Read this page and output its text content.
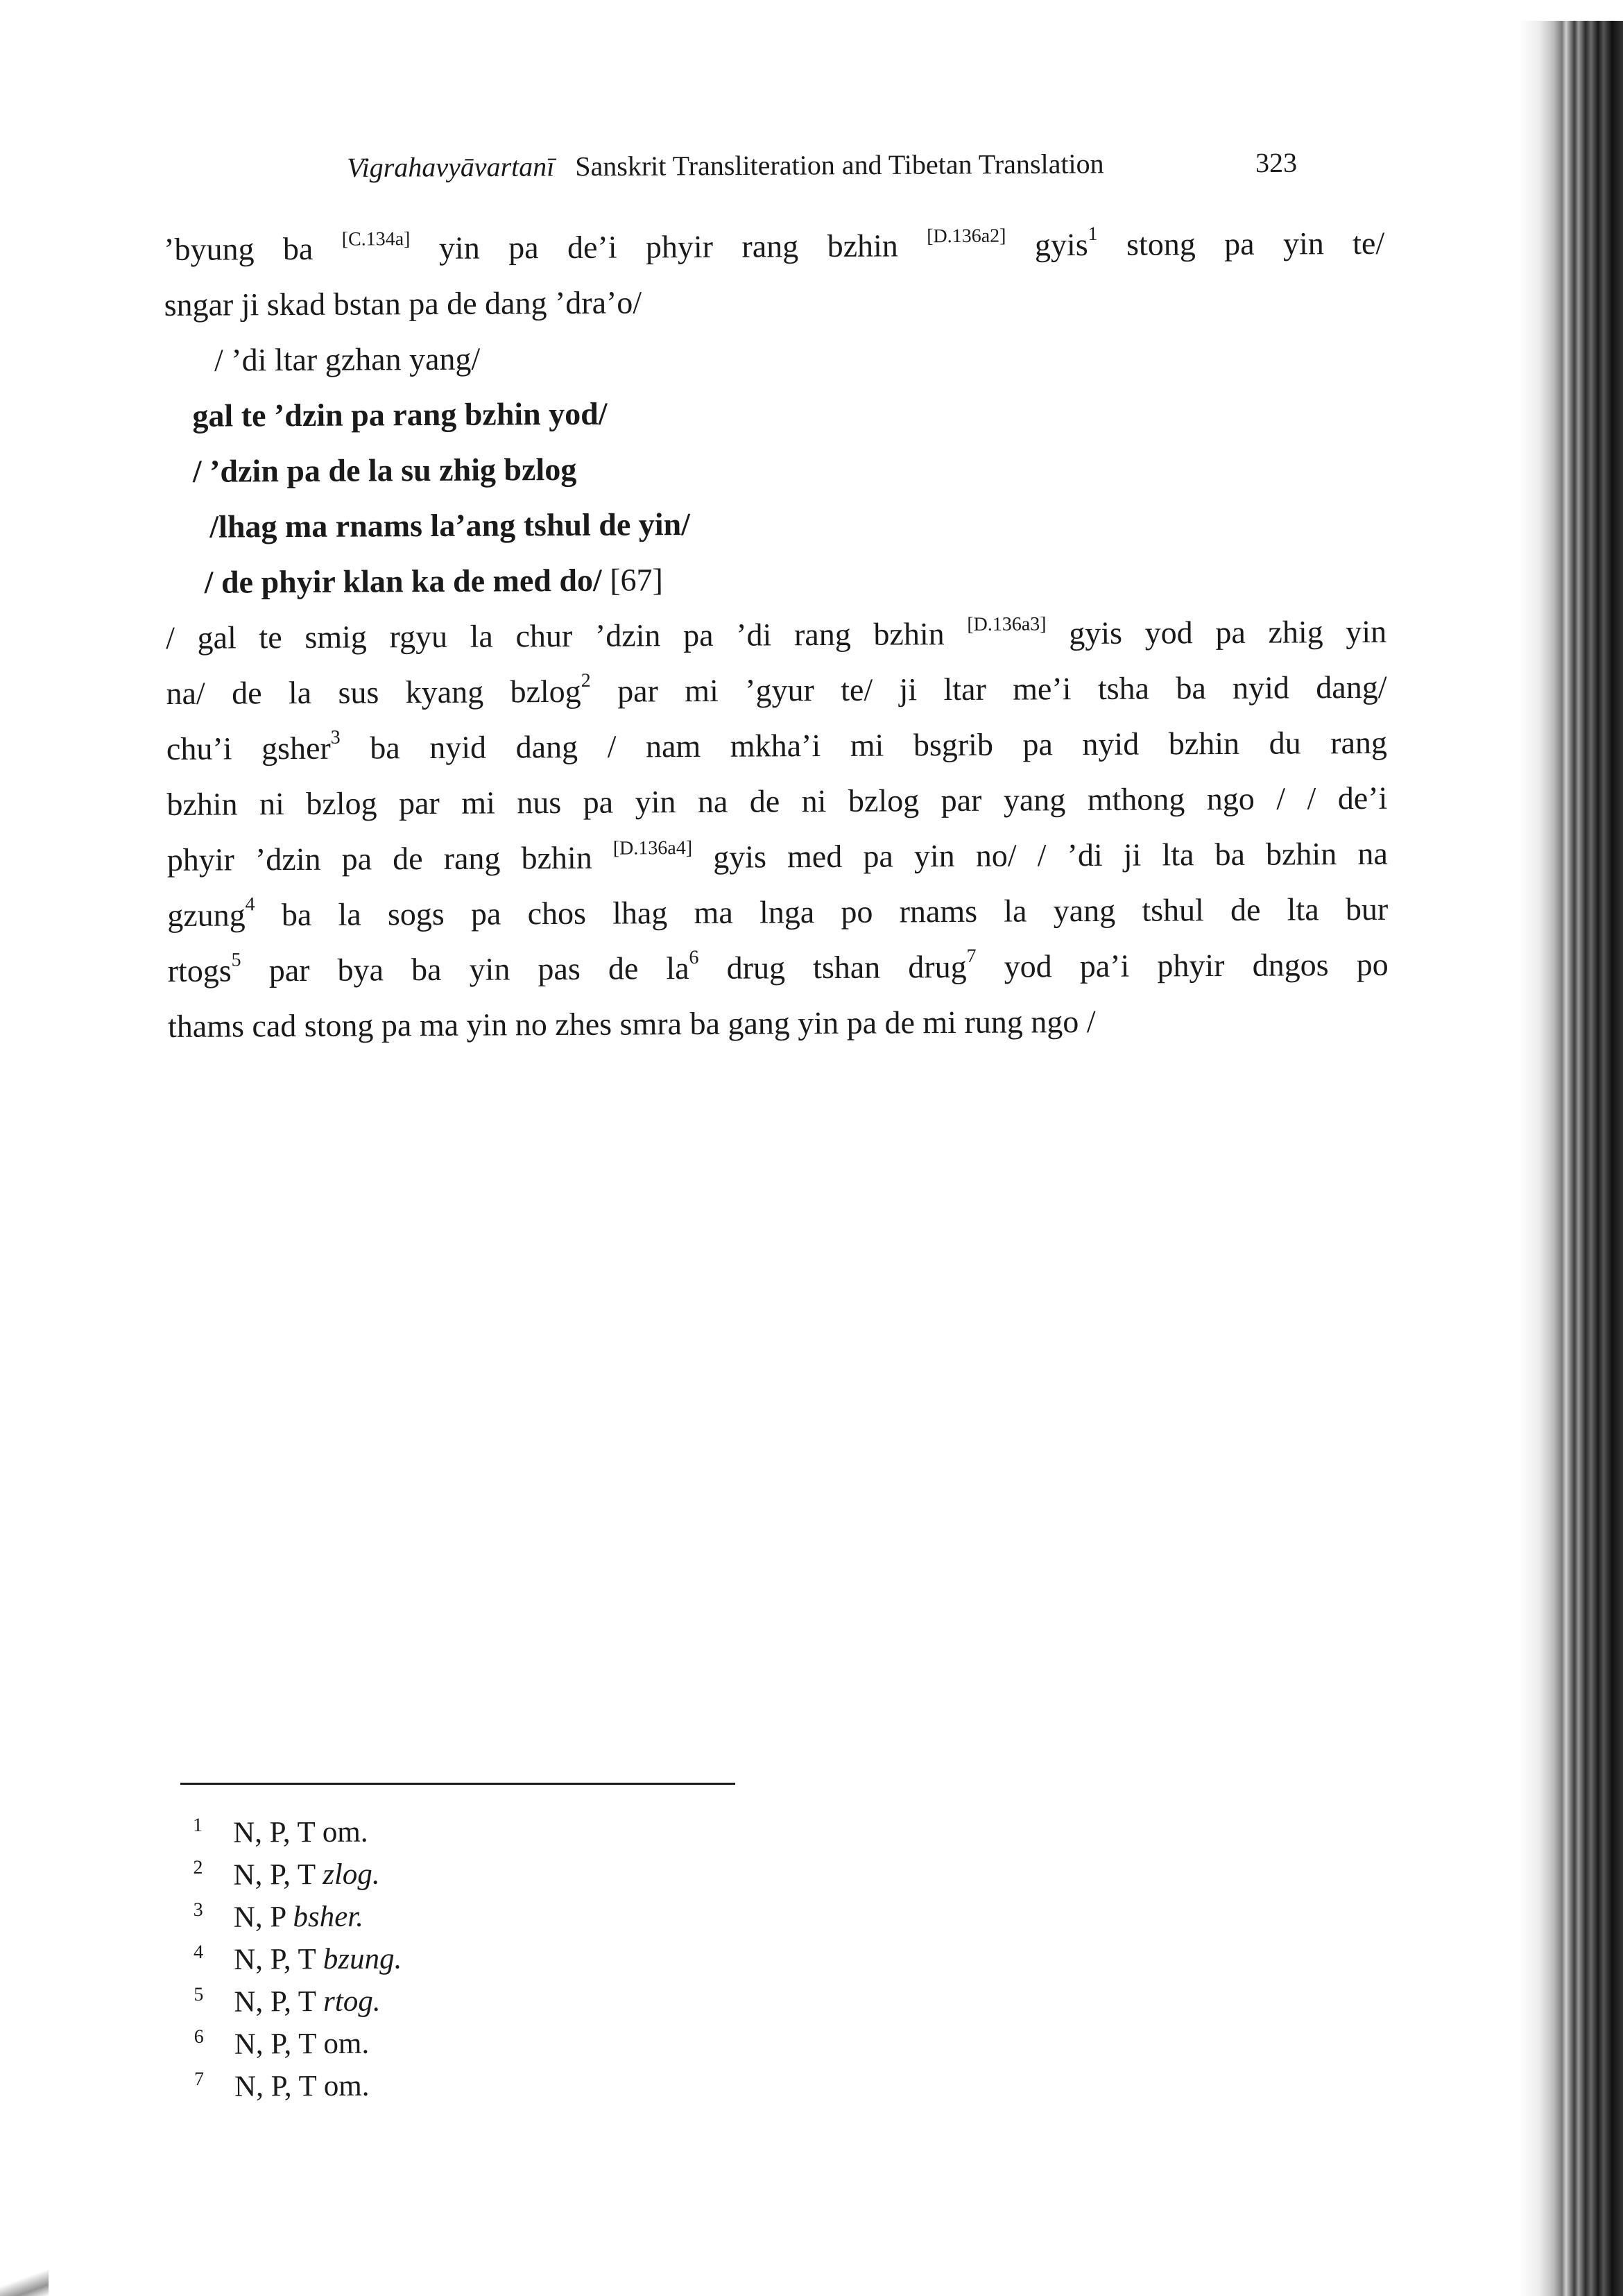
Vigrahavyāvartanī Sanskrit Transliteration and Tibetan Translation	323
’byung ba [C.134a] yin pa de’i phyir rang bzhin [D.136a2] gyis$^1$ stong pa yin te/
sngar ji skad bstan pa de dang ’dra’o/
/ ’di ltar gzhan yang/
gal te ’dzin pa rang bzhin yod/
/ ’dzin pa de la su zhig bzlog
/lhag ma rnams la’ang tshul de yin/
/ de phyir klan ka de med do/ [67]
/ gal te smig rgyu la chur ’dzin pa ’di rang bzhin [D.136a3] gyis yod pa zhig yin
na/ de la sus kyang bzlog$^2$ par mi ’gyur te/ ji ltar me’i tsha ba nyid dang/
chu’i gsher$^3$ ba nyid dang / nam mkha’i mi bsgrib pa nyid bzhin du rang
bzhin ni bzlog par mi nus pa yin na de ni bzlog par yang mthong ngo / / de’i
phyir ’dzin pa de rang bzhin [D.136a4] gyis med pa yin no/ / ’di ji lta ba bzhin na
gzung$^4$ ba la sogs pa chos lhag ma lnga po rnams la yang tshul de lta bur
rtogs$^5$ par bya ba yin pas de la$^6$ drug tshan drug$^7$ yod pa’i phyir dngos po
thams cad stong pa ma yin no zhes smra ba gang yin pa de mi rung ngo /
1 N, P, T om.
2 N, P, T zlog.
3 N, P bsher.
4 N, P, T bzung.
5 N, P, T rtog.
6 N, P, T om.
7 N, P, T om.
